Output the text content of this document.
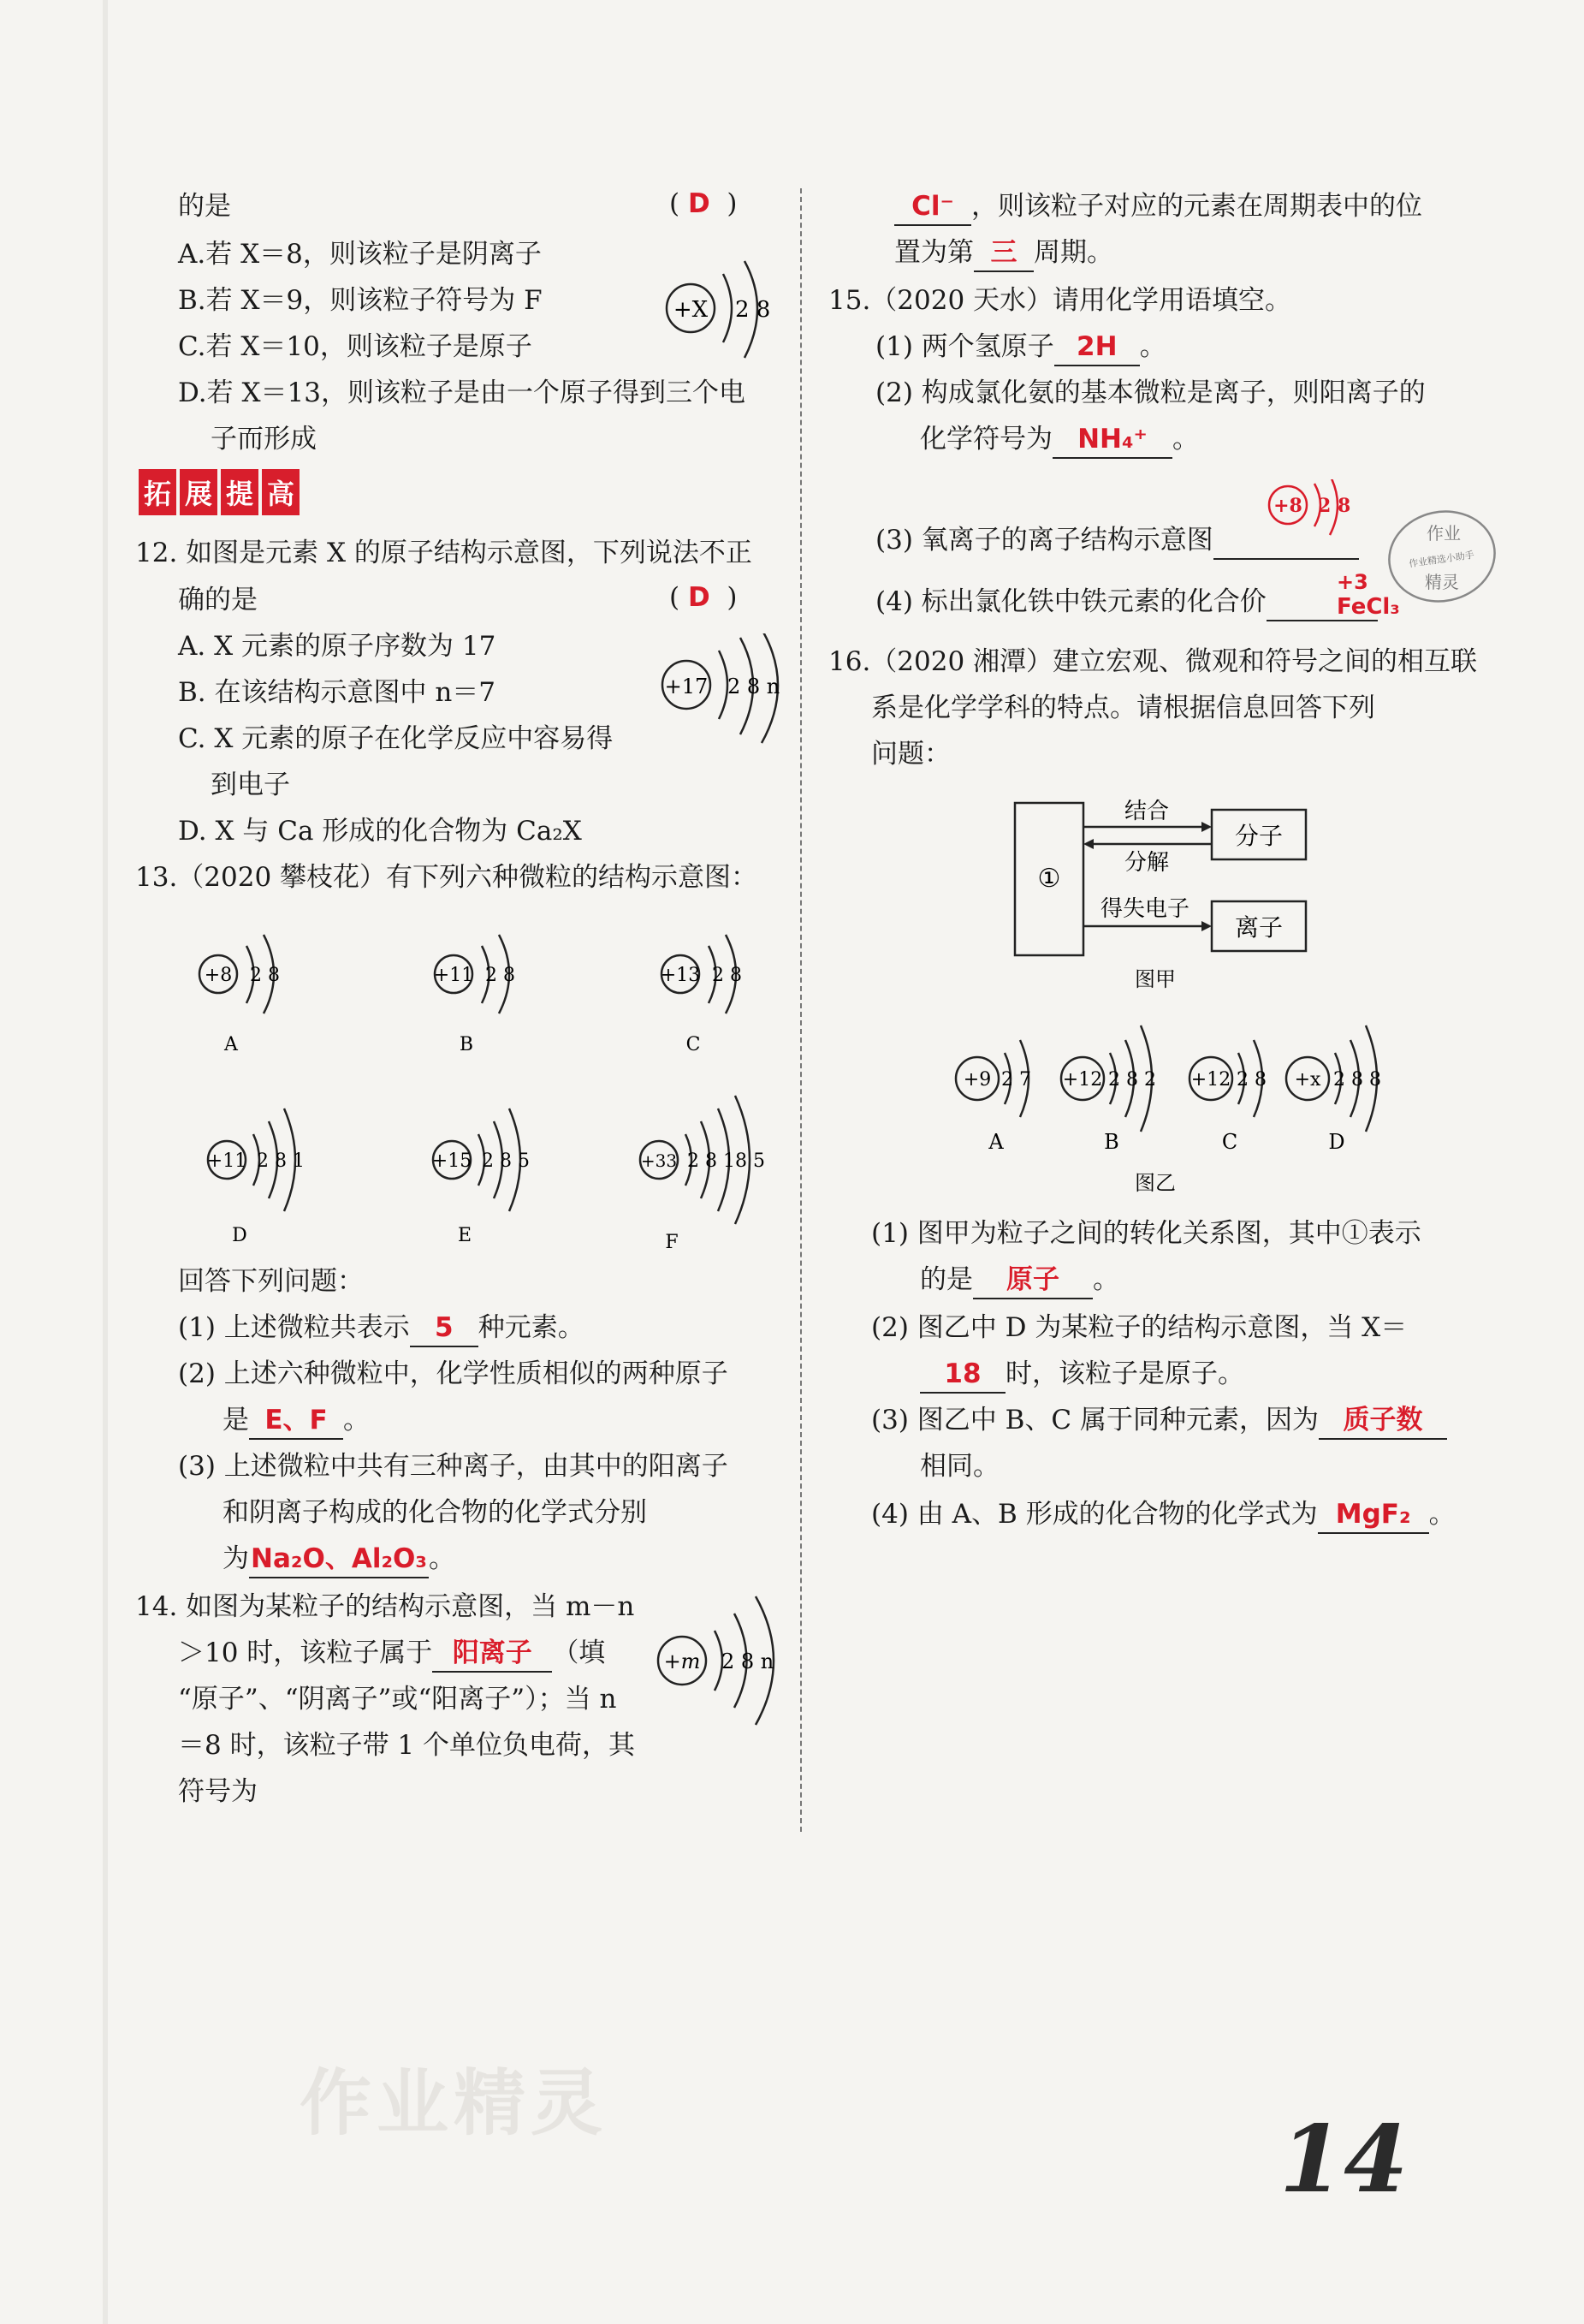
的是	( D  )
A.若 X＝8，则该粒子是阴离子
B.若 X＝9，则该粒子符号为 F
C.若 X＝10，则该粒子是原子
D.若 X＝13，则该粒子是由一个原子得到三个电
子而形成
+X 2 8
拓 展 提 高
12. 如图是元素 X 的原子结构示意图，下列说法不正
确的是	( D  )
A. X 元素的原子序数为 17
B. 在该结构示意图中 n＝7
C. X 元素的原子在化学反应中容易得
到电子
D. X 与 Ca 形成的化合物为 Ca₂X
+17 2 8 n
13.（2020 攀枝花）有下列六种微粒的结构示意图：
+8 2 8
A
+11 2 8
B
+13 2 8
C
+11 2 8 1
D
+15 2 8 5
E
+33 2 8 18 5
F
回答下列问题：
(1) 上述微粒共表示 5 种元素。
(2) 上述六种微粒中，化学性质相似的两种原子
是 E、F 。
(3) 上述微粒中共有三种离子，由其中的阳离子
和阴离子构成的化合物的化学式分别
为Na₂O、Al₂O₃。
14. 如图为某粒子的结构示意图，当 m－n
＞10 时，该粒子属于 阳离子 （填
“原子”、“阴离子”或“阳离子”）；当 n
＝8 时，该粒子带 1 个单位负电荷，其
符号为
+m 2 8 n
Cl⁻ ，则该粒子对应的元素在周期表中的位
置为第 三 周期。
15.（2020 天水）请用化学用语填空。
(1) 两个氢原子 2H 。
(2) 构成氯化氨的基本微粒是离子，则阳离子的
化学符号为 NH₄⁺ 。
(3) 氧离子的离子结构示意图
+8 2 8
(4) 标出氯化铁中铁元素的化合价
+3
FeCl₃
作业
作业精选小助手
精灵
16.（2020 湘潭）建立宏观、微观和符号之间的相互联
系是化学学科的特点。请根据信息回答下列
问题：
①
分子
离子
结合
分解
得失电子
图甲
+9 2 7
A
+12 2 8 2
B
+12 2 8
C
+x 2 8 8
D
图乙
(1) 图甲为粒子之间的转化关系图，其中①表示
的是 原子 。
(2) 图乙中 D 为某粒子的结构示意图，当 X＝
18 时，该粒子是原子。
(3) 图乙中 B、C 属于同种元素，因为 质子数
相同。
(4) 由 A、B 形成的化合物的化学式为 MgF₂ 。
作业精灵
14
